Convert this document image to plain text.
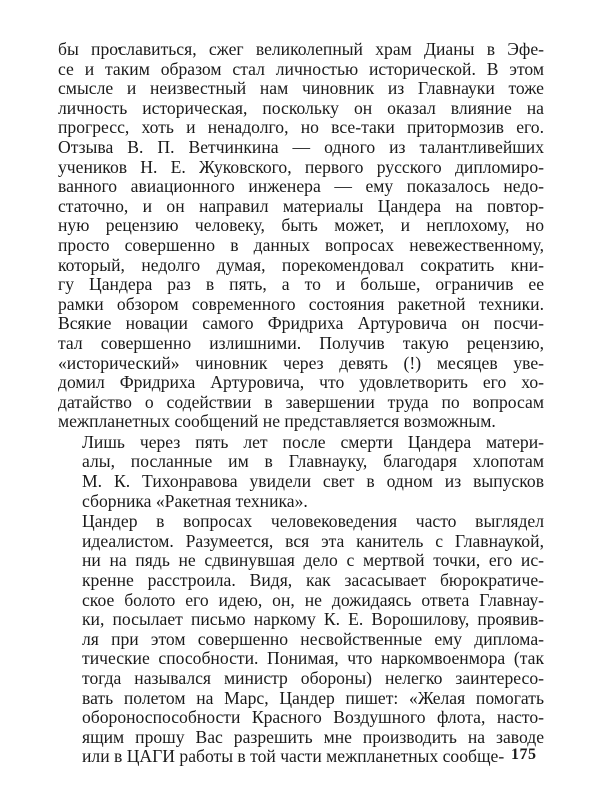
бы прославиться, сжег великолепный храм Дианы в Эфе-
се и таким образом стал личностью исторической. В этом
смысле и неизвестный нам чиновник из Главнауки тоже
личность историческая, поскольку он оказал влияние на
прогресс, хоть и ненадолго, но все-таки притормозив его.
Отзыва В. П. Ветчинкина — одного из талантливейших
учеников Н. Е. Жуковского, первого русского дипломиро-
ванного авиационного инженера — ему показалось недо-
статочно, и он направил материалы Цандера на повтор-
ную рецензию человеку, быть может, и неплохому, но
просто совершенно в данных вопросах невежественному,
который, недолго думая, порекомендовал сократить кни-
гу Цандера раз в пять, а то и больше, ограничив ее
рамки обзором современного состояния ракетной техники.
Всякие новации самого Фридриха Артуровича он посчи-
тал совершенно излишними. Получив такую рецензию,
«исторический» чиновник через девять (!) месяцев уве-
домил Фридриха Артуровича, что удовлетворить его хо-
датайство о содействии в завершении труда по вопросам
межпланетных сообщений не представляется возможным.

Лишь через пять лет после смерти Цандера матери-
алы, посланные им в Главнауку, благодаря хлопотам
М. К. Тихонравова увидели свет в одном из выпусков
сборника «Ракетная техника».

Цандер в вопросах человековедения часто выглядел
идеалистом. Разумеется, вся эта канитель с Главнаукой,
ни на пядь не сдвинувшая дело с мертвой точки, его ис-
кренне расстроила. Видя, как засасывает бюрократиче-
ское болото его идею, он, не дожидаясь ответа Главнау-
ки, посылает письмо наркому К. Е. Ворошилову, проявив-
ля при этом совершенно несвойственные ему диплома-
тические способности. Понимая, что наркомвоенмора (так
тогда назывался министр обороны) нелегко заинтересо-
вать полетом на Марс, Цандер пишет: «Желая помогать
обороноспособности Красного Воздушного флота, насто-
ящим прошу Вас разрешить мне производить на заводе
или в ЦАГИ работы в той части межпланетных сообще- 175
